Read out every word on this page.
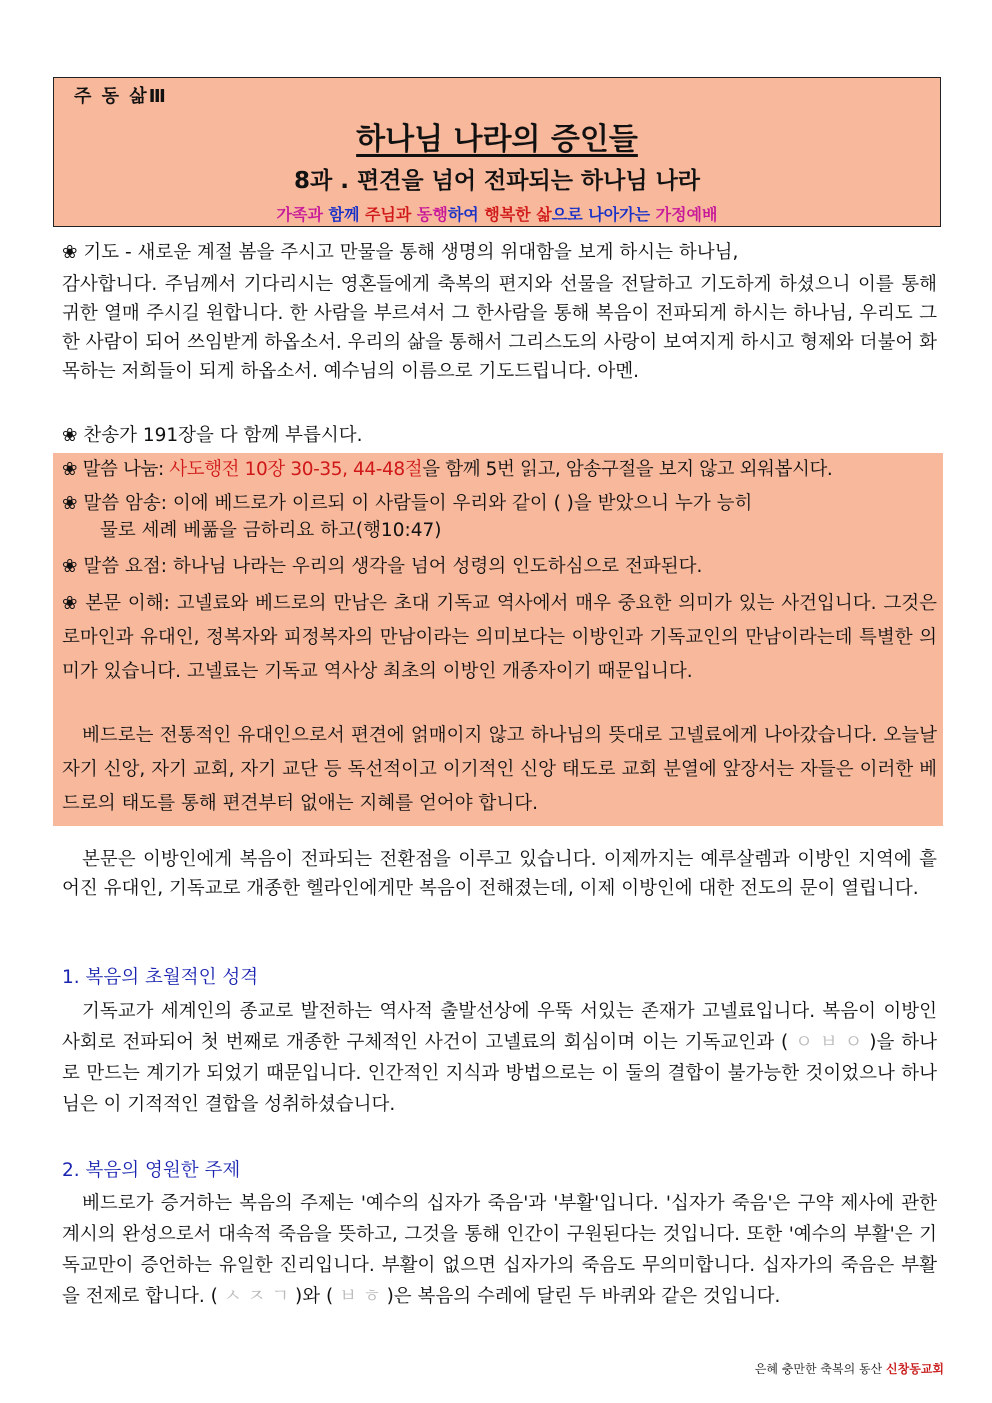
주 동 삶Ⅲ
하나님 나라의 증인들
8과 . 편견을 넘어 전파되는 하나님 나라
가족과 함께 주님과 동행하여 행복한 삶으로 나아가는 가정예배
❀ 기도 - 새로운 계절 봄을 주시고 만물을 통해 생명의 위대함을 보게 하시는 하나님,
감사합니다. 주님께서 기다리시는 영혼들에게 축복의 편지와 선물을 전달하고 기도하게 하셨으니 이를 통해 귀한 열매 주시길 원합니다. 한 사람을 부르셔서 그 한사람을 통해 복음이 전파되게 하시는 하나님, 우리도 그 한 사람이 되어 쓰임받게 하옵소서. 우리의 삶을 통해서 그리스도의 사랑이 보여지게 하시고 형제와 더불어 화목하는 저희들이 되게 하옵소서. 예수님의 이름으로 기도드립니다. 아멘.
❀ 찬송가 191장을 다 함께 부릅시다.
❀ 말씀 나눔: 사도행전 10장 30-35, 44-48절을 함께 5번 읽고, 암송구절을 보지 않고 외워봅시다.
❀ 말씀 암송: 이에 베드로가 이르되 이 사람들이 우리와 같이 ( )을 받았으니 누가 능히
물로 세례 베풂을 금하리요 하고(행10:47)
❀ 말씀 요점: 하나님 나라는 우리의 생각을 넘어 성령의 인도하심으로 전파된다.
❀ 본문 이해: 고넬료와 베드로의 만남은 초대 기독교 역사에서 매우 중요한 의미가 있는 사건입니다. 그것은 로마인과 유대인, 정복자와 피정복자의 만남이라는 의미보다는 이방인과 기독교인의 만남이라는데 특별한 의미가 있습니다. 고넬료는 기독교 역사상 최초의 이방인 개종자이기 때문입니다.
베드로는 전통적인 유대인으로서 편견에 얽매이지 않고 하나님의 뜻대로 고넬료에게 나아갔습니다. 오늘날 자기 신앙, 자기 교회, 자기 교단 등 독선적이고 이기적인 신앙 태도로 교회 분열에 앞장서는 자들은 이러한 베드로의 태도를 통해 편견부터 없애는 지혜를 얻어야 합니다.
본문은 이방인에게 복음이 전파되는 전환점을 이루고 있습니다. 이제까지는 예루살렘과 이방인 지역에 흩어진 유대인, 기독교로 개종한 헬라인에게만 복음이 전해졌는데, 이제 이방인에 대한 전도의 문이 열립니다.
1. 복음의 초월적인 성격
기독교가 세계인의 종교로 발전하는 역사적 출발선상에 우뚝 서있는 존재가 고넬료입니다. 복음이 이방인 사회로 전파되어 첫 번째로 개종한 구체적인 사건이 고넬료의 회심이며 이는 기독교인과 ( ㅇ ㅂ ㅇ )을 하나로 만드는 계기가 되었기 때문입니다. 인간적인 지식과 방법으로는 이 둘의 결합이 불가능한 것이었으나 하나님은 이 기적적인 결합을 성취하셨습니다.
2. 복음의 영원한 주제
베드로가 증거하는 복음의 주제는 '예수의 십자가 죽음'과 '부활'입니다. '십자가 죽음'은 구약 제사에 관한 계시의 완성으로서 대속적 죽음을 뜻하고, 그것을 통해 인간이 구원된다는 것입니다. 또한 '예수의 부활'은 기독교만이 증언하는 유일한 진리입니다. 부활이 없으면 십자가의 죽음도 무의미합니다. 십자가의 죽음은 부활을 전제로 합니다. ( ㅅ ㅈ ㄱ )와 ( ㅂ ㅎ )은 복음의 수레에 달린 두 바퀴와 같은 것입니다.
은혜 충만한 축복의 동산 신창동교회
